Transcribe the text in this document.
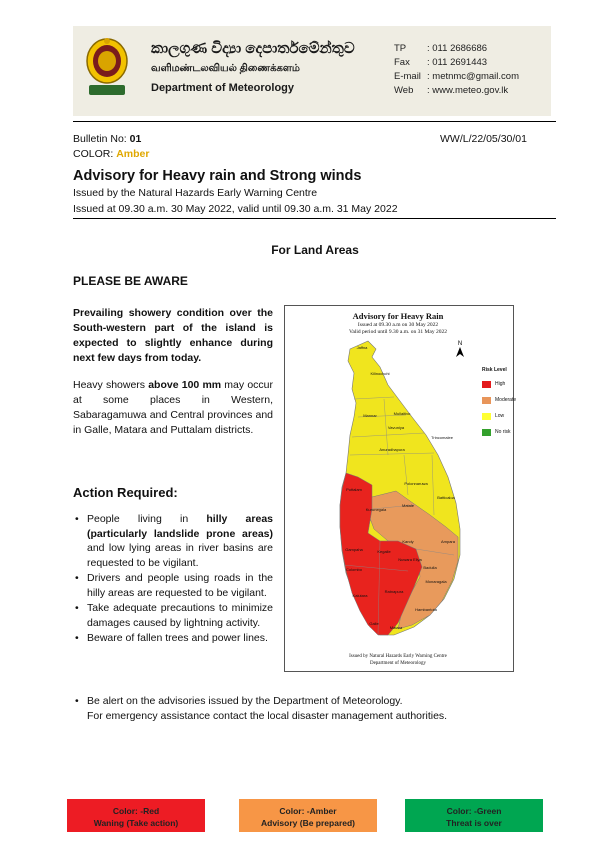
කාලගුණ විද්‍යා දෙපාර්තමේන්තුව
வளிமண்டலவியல் திணைக்களம்
Department of Meteorology
TP : 011 2686686
Fax : 011 2691443
E-mail : metnmc@gmail.com
Web : www.meteo.gov.lk
Bulletin No: 01
COLOR: Amber
WW/L/22/05/30/01
Advisory for Heavy rain and Strong winds
Issued by the Natural Hazards Early Warning Centre
Issued at 09.30 a.m. 30 May 2022, valid until 09.30 a.m. 31 May 2022
For Land Areas
PLEASE BE AWARE
Prevailing showery condition over the South-western part of the island is expected to slightly enhance during next few days from today.
Heavy showers above 100 mm may occur at some places in Western, Sabaragamuwa and Central provinces and in Galle, Matara and Puttalam districts.
Action Required:
• People living in hilly areas (particularly landslide prone areas) and low lying areas in river basins are requested to be vigilant.
• Drivers and people using roads in the hilly areas are requested to be vigilant.
• Take adequate precautions to minimize damages caused by lightning activity.
• Beware of fallen trees and power lines.
• Be alert on the advisories issued by the Department of Meteorology.
For emergency assistance contact the local disaster management authorities.
Advisory for Heavy Rain
Issued at 09.30 a.m on 30 May 2022
Valid period until 9.30 a.m. on 31 May 2022
N
Jaffna
Kilinochchi
Mullaitivu
Mannar
Vavuniya
Trincomalee
Anuradhapura
Puttalam
Polonnaruwa
Batticaloa
Kurunegala
Matale
Ampara
Kandy
Gampaha
Colombo
Kegalle
Nuwara Eliya
Badulla
Kalutara
Ratnapura
Monaragala
Galle
Matara
Hambantota
Risk Level
High
Moderate
Low
No risk
Issued by Natural Hazards Early Warning Centre
Department of Meteorology
Color: -Red
Waning (Take action)
Color: -Amber
Advisory (Be prepared)
Color: -Green
Threat is over
